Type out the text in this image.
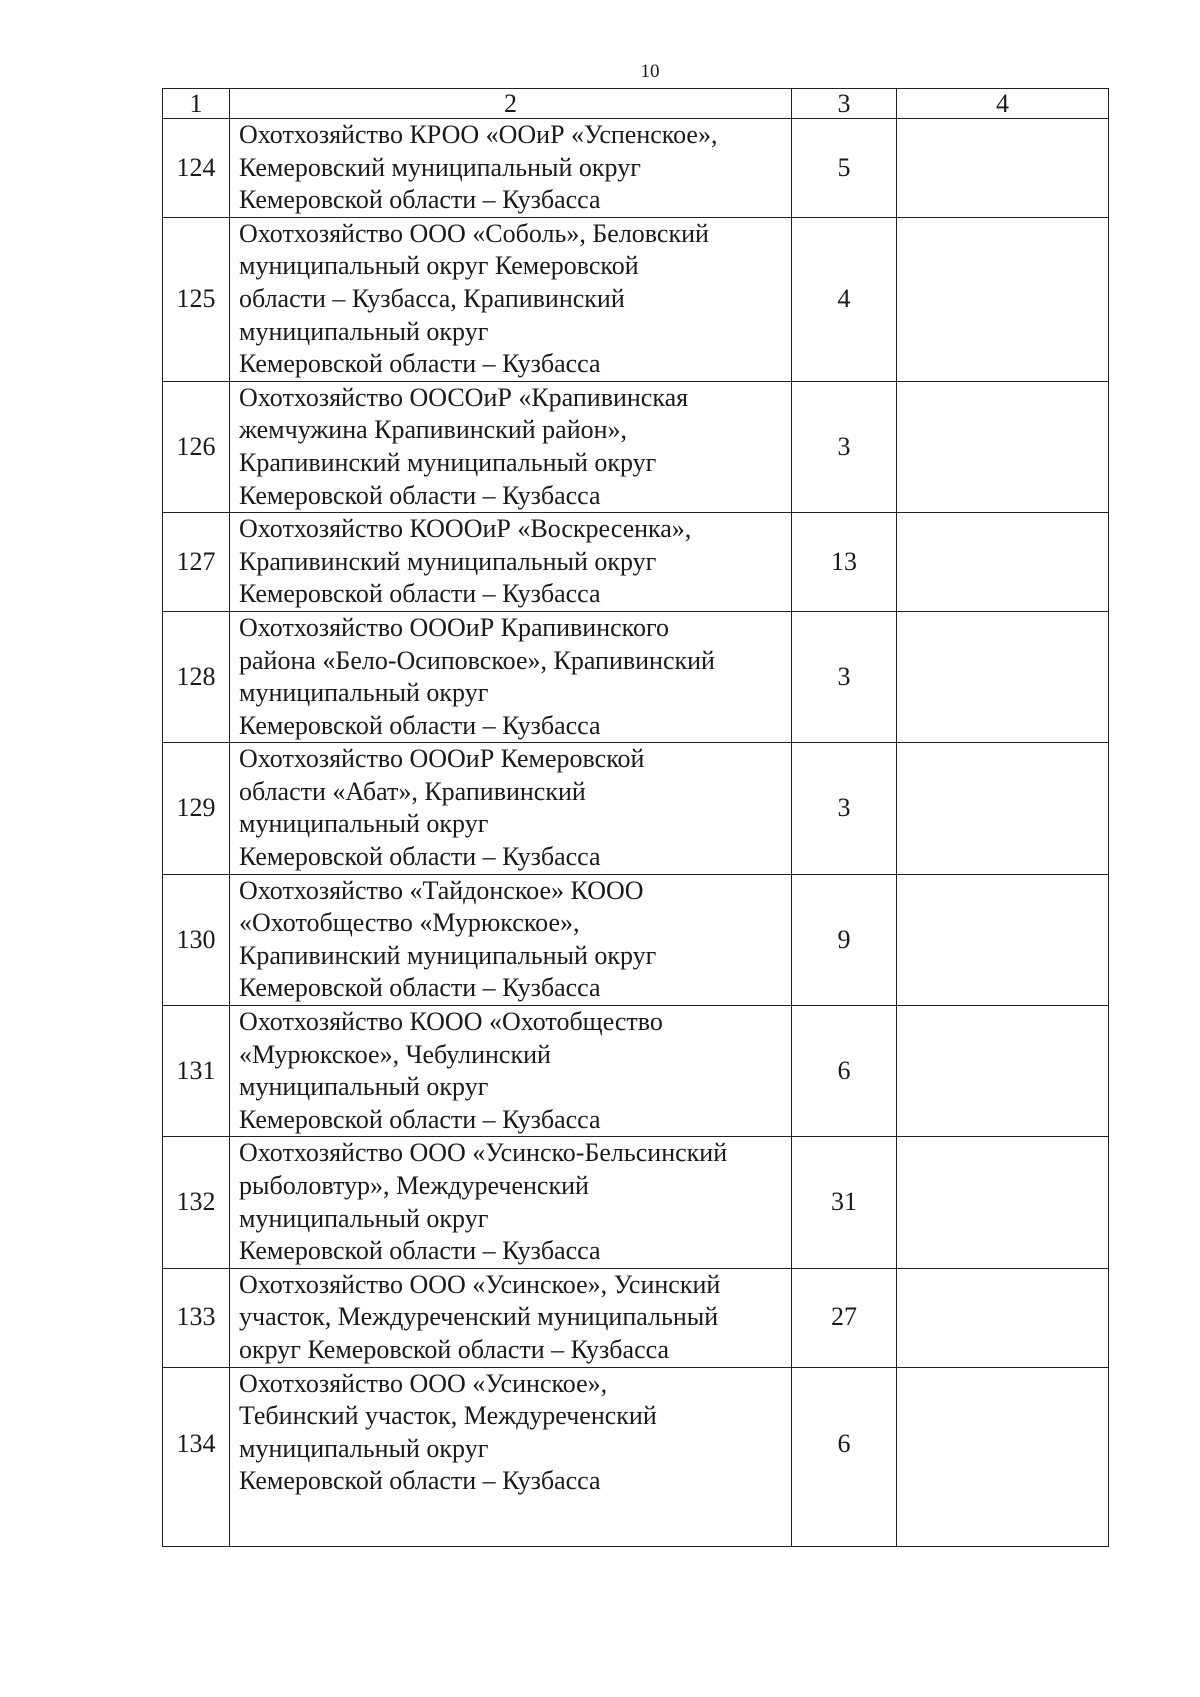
10
1	2	3	4
124	Охотхозяйство КРОО «ООиР «Успенское»,
Кемеровский муниципальный округ
Кемеровской области – Кузбасса	5	
125	Охотхозяйство ООО «Соболь», Беловский
муниципальный округ Кемеровской
области – Кузбасса, Крапивинский
муниципальный округ
Кемеровской области – Кузбасса	4	
126	Охотхозяйство ООСОиР «Крапивинская
жемчужина Крапивинский район»,
Крапивинский муниципальный округ
Кемеровской области – Кузбасса	3	
127	Охотхозяйство КОООиР «Воскресенка»,
Крапивинский муниципальный округ
Кемеровской области – Кузбасса	13	
128	Охотхозяйство ОООиР Крапивинского
района «Бело-Осиповское», Крапивинский
муниципальный округ
Кемеровской области – Кузбасса	3	
129	Охотхозяйство ОООиР Кемеровской
области «Абат», Крапивинский
муниципальный округ
Кемеровской области – Кузбасса	3	
130	Охотхозяйство «Тайдонское» КООО
«Охотобщество «Мурюкское»,
Крапивинский муниципальный округ
Кемеровской области – Кузбасса	9	
131	Охотхозяйство КООО «Охотобщество
«Мурюкское», Чебулинский
муниципальный округ
Кемеровской области – Кузбасса	6	
132	Охотхозяйство ООО «Усинско-Бельсинский
рыболовтур», Междуреченский
муниципальный округ
Кемеровской области – Кузбасса	31	
133	Охотхозяйство ООО «Усинское», Усинский
участок, Междуреченский муниципальный
округ Кемеровской области – Кузбасса	27	
134	Охотхозяйство ООО «Усинское»,
Тебинский участок, Междуреченский
муниципальный округ
Кемеровской области – Кузбасса	6	
